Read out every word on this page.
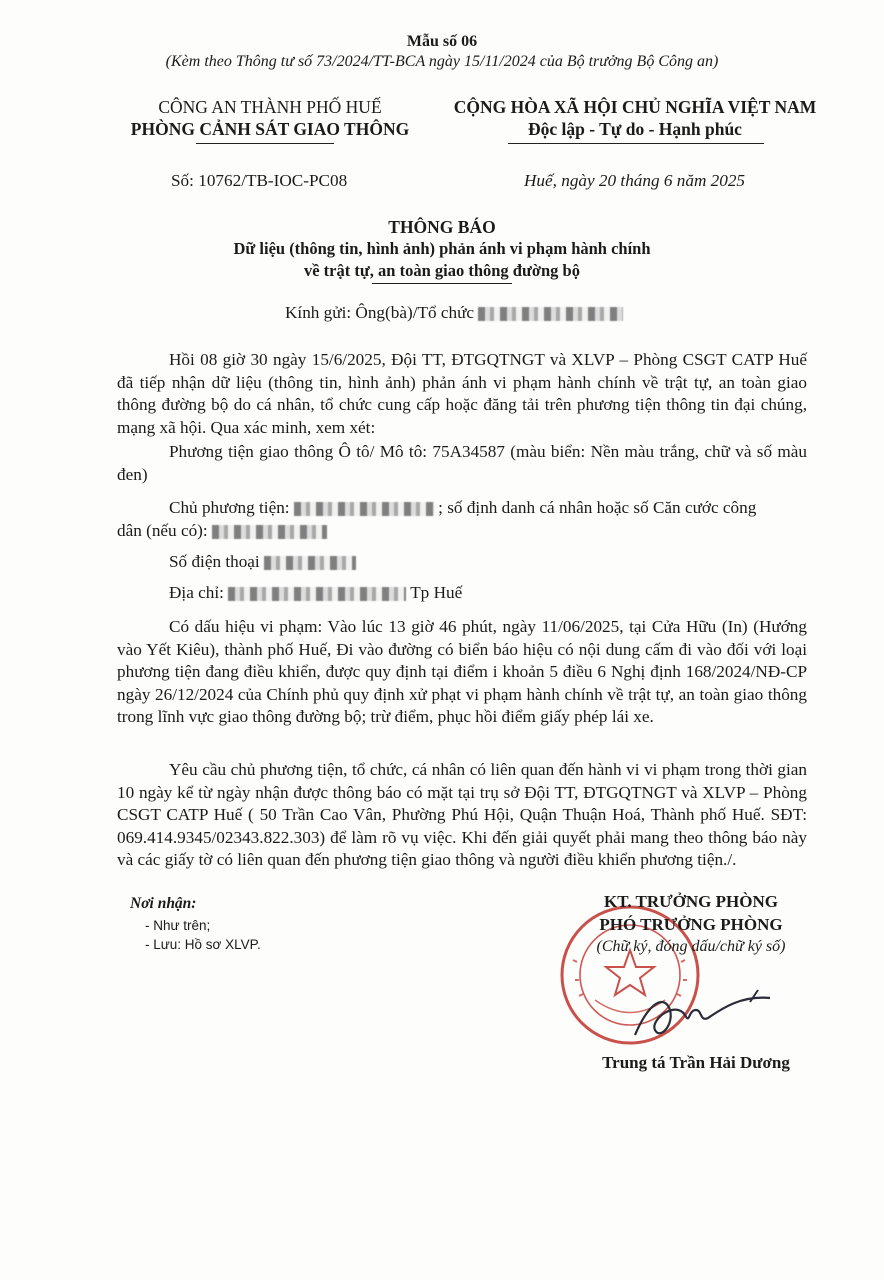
Mẫu số 06
(Kèm theo Thông tư số 73/2024/TT-BCA ngày 15/11/2024 của Bộ trưởng Bộ Công an)
CÔNG AN THÀNH PHỐ HUẾ
PHÒNG CẢNH SÁT GIAO THÔNG
Số: 10762/TB-IOC-PC08
CỘNG HÒA XÃ HỘI CHỦ NGHĨA VIỆT NAM
Độc lập - Tự do - Hạnh phúc
Huế, ngày 20 tháng 6 năm 2025
THÔNG BÁO
Dữ liệu (thông tin, hình ảnh) phản ánh vi phạm hành chính
về trật tự, an toàn giao thông đường bộ
Kính gửi: Ông(bà)/Tổ chức

Hồi 08 giờ 30 ngày 15/6/2025, Đội TT, ĐTGQTNGT và XLVP – Phòng CSGT CATP Huế đã tiếp nhận dữ liệu (thông tin, hình ảnh) phản ánh vi phạm hành chính về trật tự, an toàn giao thông đường bộ do cá nhân, tổ chức cung cấp hoặc đăng tải trên phương tiện thông tin đại chúng, mạng xã hội. Qua xác minh, xem xét:

Phương tiện giao thông Ô tô/ Mô tô: 75A34587 (màu biển: Nền màu trắng, chữ và số màu đen)

Chủ phương tiện:	; số định danh cá nhân hoặc số Căn cước công
dân (nếu có):
Số điện thoại
Địa chỉ:	Tp Huế

Có dấu hiệu vi phạm: Vào lúc 13 giờ 46 phút, ngày 11/06/2025, tại Cửa Hữu (In) (Hướng vào Yết Kiêu), thành phố Huế, Đi vào đường có biển báo hiệu có nội dung cấm đi vào đối với loại phương tiện đang điều khiển, được quy định tại điểm i khoản 5 điều 6 Nghị định 168/2024/NĐ-CP ngày 26/12/2024 của Chính phủ quy định xử phạt vi phạm hành chính về trật tự, an toàn giao thông trong lĩnh vực giao thông đường bộ; trừ điểm, phục hồi điểm giấy phép lái xe.

Yêu cầu chủ phương tiện, tổ chức, cá nhân có liên quan đến hành vi vi phạm trong thời gian 10 ngày kể từ ngày nhận được thông báo có mặt tại trụ sở Đội TT, ĐTGQTNGT và XLVP – Phòng CSGT CATP Huế ( 50 Trần Cao Vân, Phường Phú Hội, Quận Thuận Hoá, Thành phố Huế. SĐT: 069.414.9345/02343.822.303) để làm rõ vụ việc. Khi đến giải quyết phải mang theo thông báo này và các giấy tờ có liên quan đến phương tiện giao thông và người điều khiển phương tiện./.

Nơi nhận:
- Như trên;
- Lưu: Hồ sơ XLVP.
KT. TRƯỞNG PHÒNG
PHÓ TRƯỞNG PHÒNG
(Chữ ký, đóng dấu/chữ ký số)
Trung tá Trần Hải Dương
